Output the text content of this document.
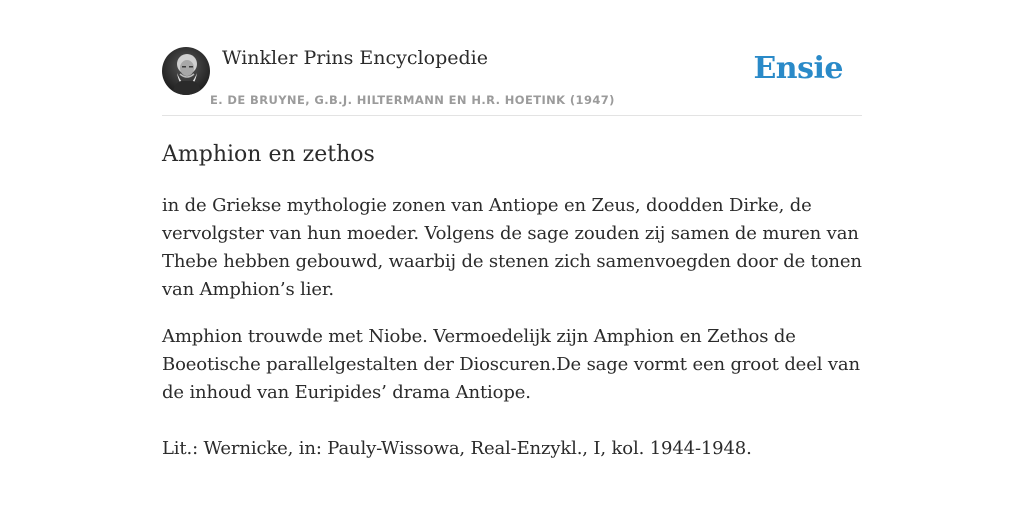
Winkler Prins Encyclopedie
E. DE BRUYNE, G.B.J. HILTERMANN EN H.R. HOETINK (1947)
Ensie
Amphion en zethos

in de Griekse mythologie zonen van Antiope en Zeus, doodden Dirke, de vervolgster van hun moeder. Volgens de sage zouden zij samen de muren van Thebe hebben gebouwd, waarbij de stenen zich samenvoegden door de tonen van Amphion’s lier.

Amphion trouwde met Niobe. Vermoedelijk zijn Amphion en Zethos de Boeotische parallelgestalten der Dioscuren.De sage vormt een groot deel van de inhoud van Euripides’ drama Antiope.

Lit.: Wernicke, in: Pauly-Wissowa, Real-Enzykl., I, kol. 1944-1948.
